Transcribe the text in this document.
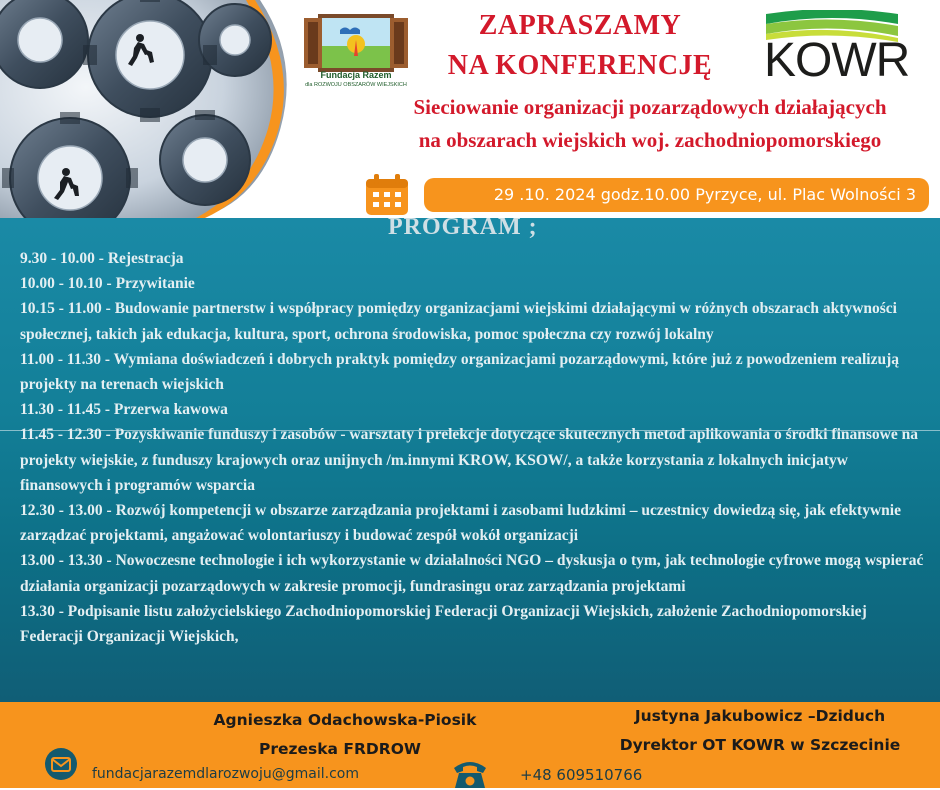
Fundacja Razem
dla ROZWOJU OBSZARÓW WIEJSKICH
ZAPRASZAMY
NA KONFERENCJĘ
Sieciowanie organizacji pozarządowych działających
na obszarach wiejskich woj. zachodniopomorskiego
KOWR
29 .10. 2024 godz.10.00 Pyrzyce, ul. Plac Wolności 3
PROGRAM ;

9.30 - 10.00 - Rejestracja

10.00 - 10.10 - Przywitanie

10.15 - 11.00 - Budowanie partnerstw i współpracy pomiędzy organizacjami wiejskimi działającymi w różnych obszarach aktywności społecznej, takich jak edukacja, kultura, sport, ochrona środowiska, pomoc społeczna czy rozwój lokalny

11.00 - 11.30 - Wymiana doświadczeń i dobrych praktyk pomiędzy organizacjami pozarządowymi, które już z powodzeniem realizują projekty na terenach wiejskich

11.30 - 11.45 - Przerwa kawowa

11.45 - 12.30 - Pozyskiwanie funduszy i zasobów - warsztaty i prelekcje dotyczące skutecznych metod aplikowania o środki finansowe na projekty wiejskie, z funduszy krajowych oraz unijnych /m.innymi KROW, KSOW/, a także korzystania z lokalnych inicjatyw finansowych i programów wsparcia

12.30 - 13.00 - Rozwój kompetencji w obszarze zarządzania projektami i zasobami ludzkimi – uczestnicy dowiedzą się, jak efektywnie zarządzać projektami, angażować wolontariuszy i budować zespół wokół organizacji

13.00 - 13.30 - Nowoczesne technologie i ich wykorzystanie w działalności NGO – dyskusja o tym, jak technologie cyfrowe mogą wspierać działania organizacji pozarządowych w zakresie promocji, fundrasingu oraz zarządzania projektami

13.30 - Podpisanie listu założycielskiego Zachodniopomorskiej Federacji Organizacji Wiejskich, założenie Zachodniopomorskiej Federacji Organizacji Wiejskich,

Agnieszka Odachowska-Piosik
Prezeska FRDROW
Justyna Jakubowicz –Dziduch
Dyrektor OT KOWR w Szczecinie
fundacjarazemdlarozwoju@gmail.com	+48 609510766
